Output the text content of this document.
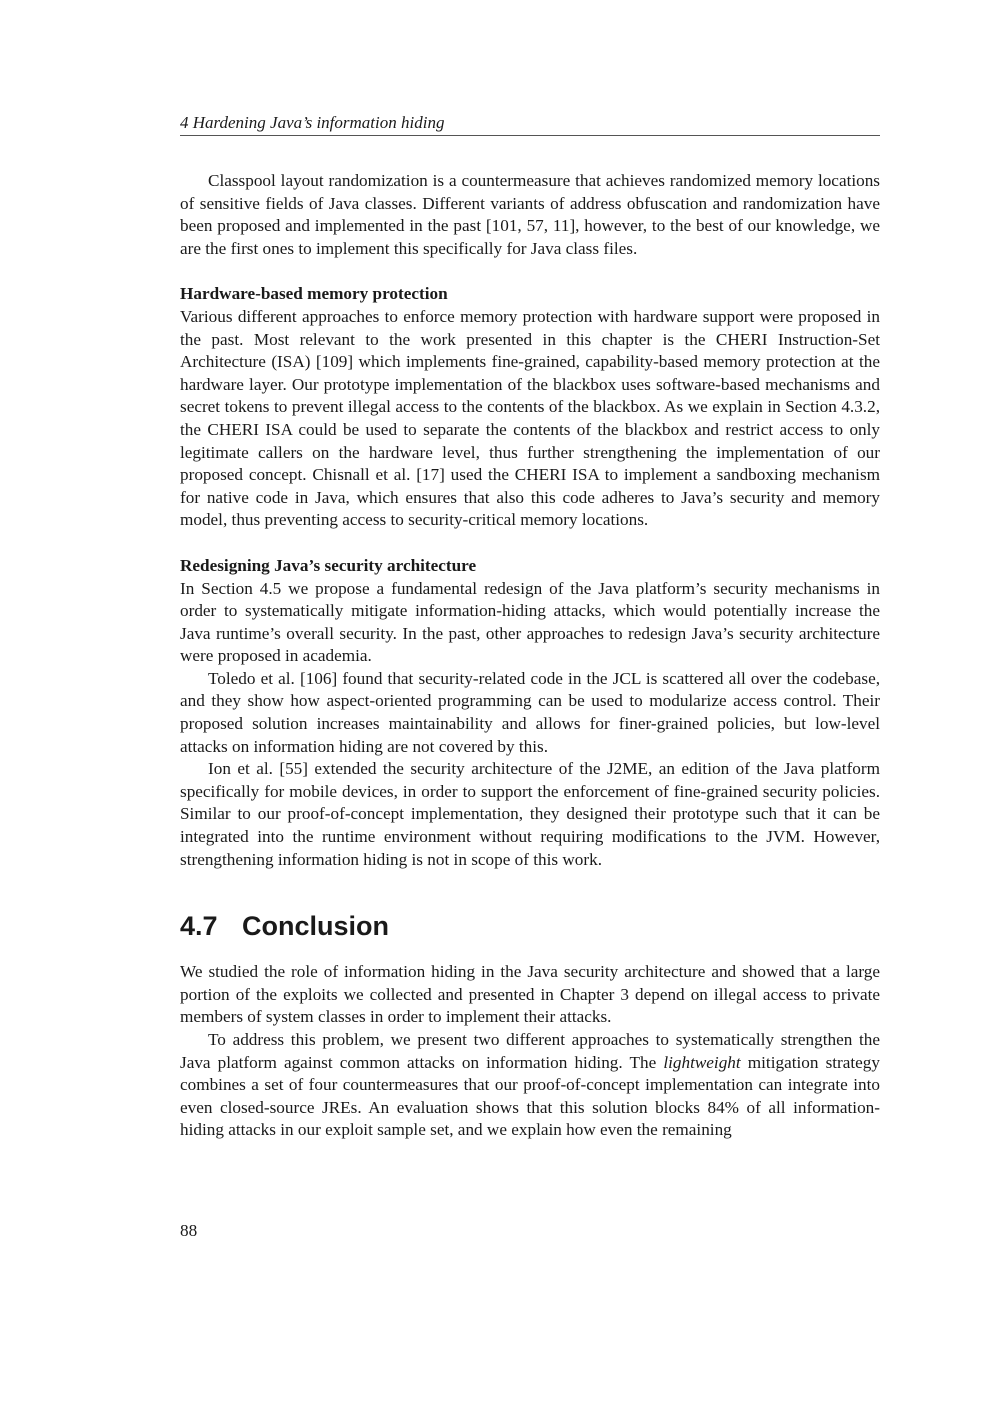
4 Hardening Java’s information hiding

Classpool layout randomization is a countermeasure that achieves randomized memory locations of sensitive fields of Java classes. Different variants of address obfuscation and randomization have been proposed and implemented in the past [101, 57, 11], however, to the best of our knowledge, we are the first ones to implement this specifically for Java class files.

Hardware-based memory protection

Various different approaches to enforce memory protection with hardware support were proposed in the past. Most relevant to the work presented in this chapter is the CHERI Instruction-Set Architecture (ISA) [109] which implements fine-grained, capability-based memory protection at the hardware layer. Our prototype implementation of the blackbox uses software-based mechanisms and secret tokens to prevent illegal access to the contents of the blackbox. As we explain in Section 4.3.2, the CHERI ISA could be used to separate the contents of the blackbox and restrict access to only legitimate callers on the hardware level, thus further strengthening the implementation of our proposed concept. Chisnall et al. [17] used the CHERI ISA to implement a sandboxing mechanism for native code in Java, which ensures that also this code adheres to Java’s security and memory model, thus preventing access to security-critical memory locations.

Redesigning Java’s security architecture

In Section 4.5 we propose a fundamental redesign of the Java platform’s security mechanisms in order to systematically mitigate information-hiding attacks, which would potentially increase the Java runtime’s overall security. In the past, other approaches to redesign Java’s security architecture were proposed in academia.

Toledo et al. [106] found that security-related code in the JCL is scattered all over the codebase, and they show how aspect-oriented programming can be used to modularize access control. Their proposed solution increases maintainability and allows for finer-grained policies, but low-level attacks on information hiding are not covered by this.

Ion et al. [55] extended the security architecture of the J2ME, an edition of the Java platform specifically for mobile devices, in order to support the enforcement of fine-grained security policies. Similar to our proof-of-concept implementation, they designed their prototype such that it can be integrated into the runtime environment without requiring modifications to the JVM. However, strengthening information hiding is not in scope of this work.

4.7 Conclusion

We studied the role of information hiding in the Java security architecture and showed that a large portion of the exploits we collected and presented in Chapter 3 depend on illegal access to private members of system classes in order to implement their attacks.

To address this problem, we present two different approaches to systematically strengthen the Java platform against common attacks on information hiding. The lightweight mitigation strategy combines a set of four countermeasures that our proof-of-concept implementation can integrate into even closed-source JREs. An evaluation shows that this solution blocks 84% of all information-hiding attacks in our exploit sample set, and we explain how even the remaining

88
